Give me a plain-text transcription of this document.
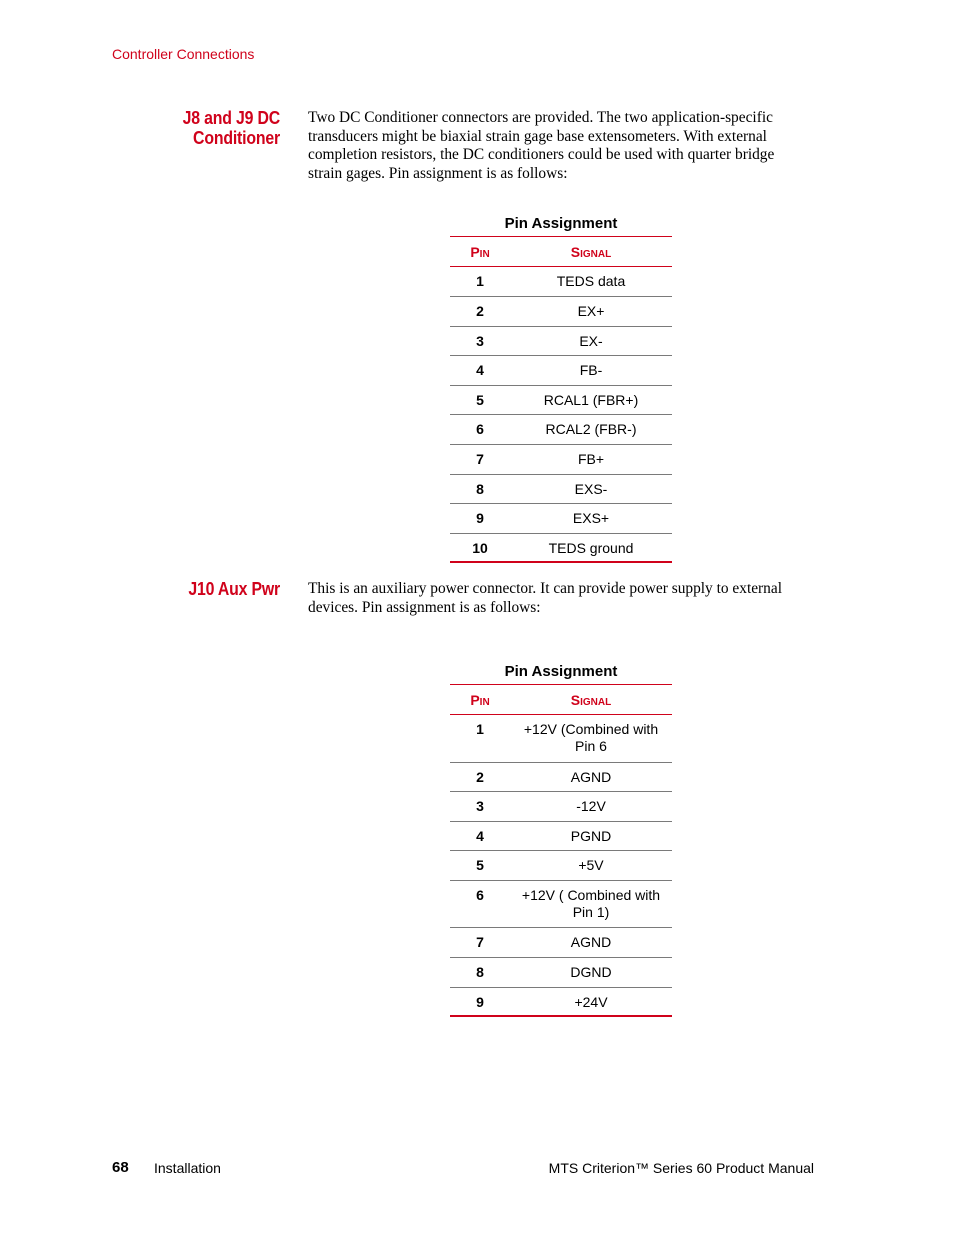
Controller Connections
J8 and J9 DC
Conditioner
Two DC Conditioner connectors are provided. The two application-specific transducers might be biaxial strain gage base extensometers. With external completion resistors, the DC conditioners could be used with quarter bridge strain gages. Pin assignment is as follows:
Pin Assignment
Pin	Signal
1	TEDS data
2	EX+
3	EX-
4	FB-
5	RCAL1 (FBR+)
6	RCAL2 (FBR-)
7	FB+
8	EXS-
9	EXS+
10	TEDS ground
J10 Aux Pwr This is an auxiliary power connector. It can provide power supply to external devices. Pin assignment is as follows:
Pin Assignment
Pin	Signal
1	+12V (Combined with
Pin 6
2	AGND
3	-12V
4	PGND
5	+5V
6	+12V ( Combined with
Pin 1)
7	AGND
8	DGND
9	+24V
68 Installation	MTS Criterion™ Series 60 Product Manual
